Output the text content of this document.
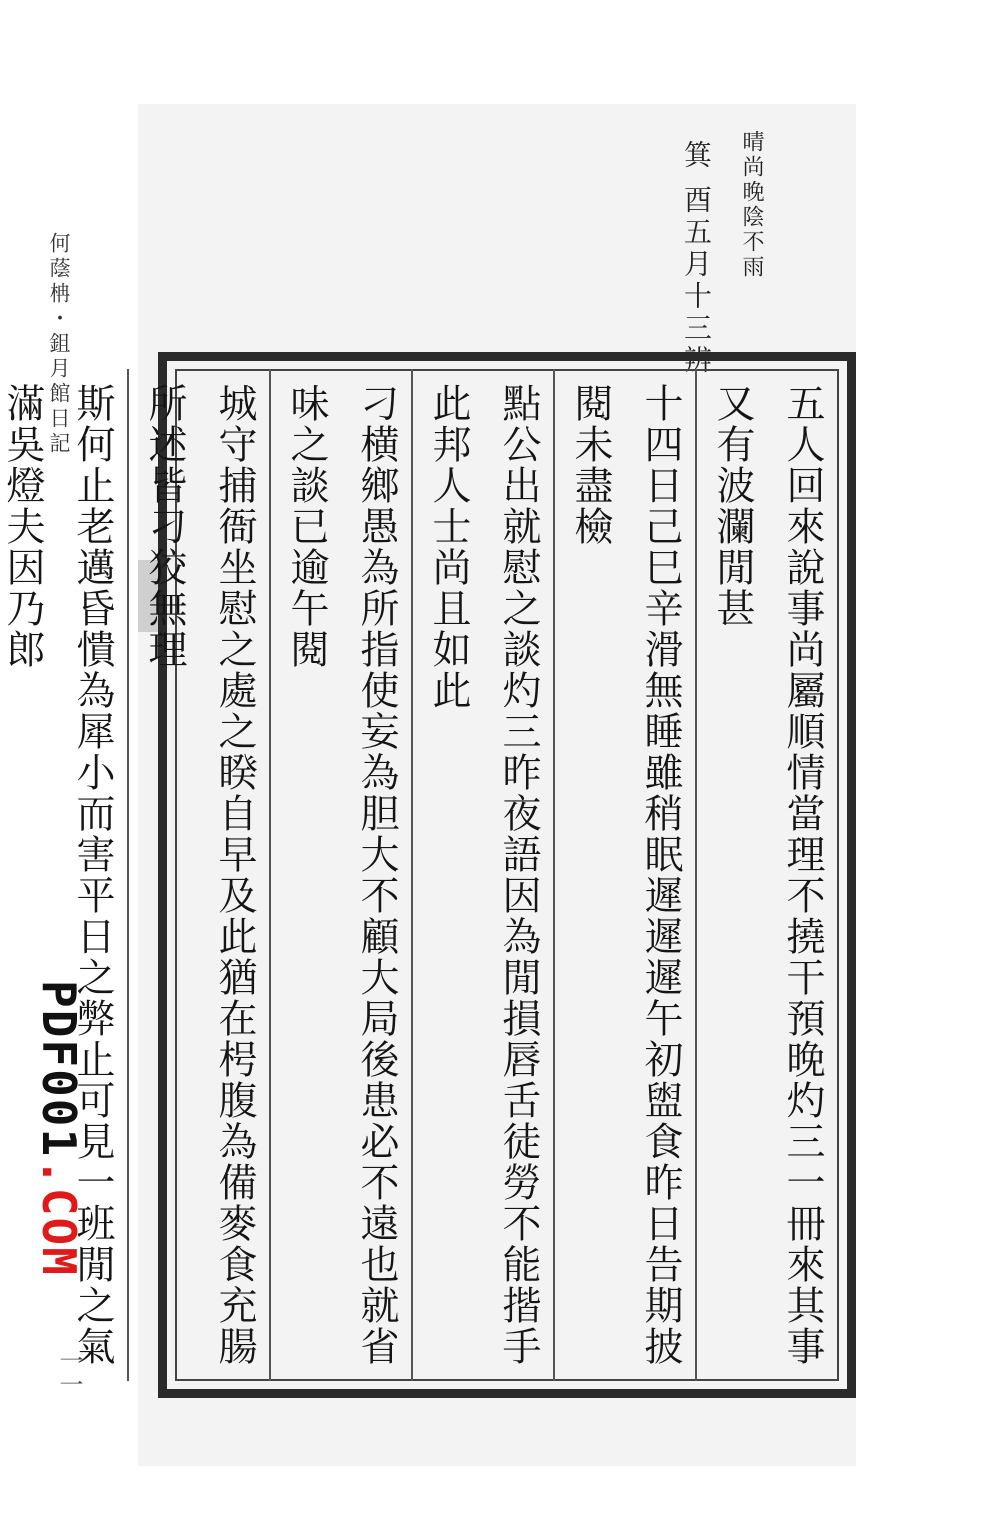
何蔭柟・鉏月館日記
PDF001.COM
一一
晴尚晚陰不雨
箕 酉五月十三辨
五人回來說事尚屬順情當理不撓干預晚灼三一冊來其事又有波瀾閒甚
十四日己巳辛滑無睡雖稍眠遲遲遲午初盥食昨日告期披閱未盡檢
點公出就慰之談灼三昨夜語因為閒損唇舌徒勞不能揩手此邦人士尚且如此
刁横鄉愚為所指使妄為胆大不顧大局後患必不遠也就省味之談已逾午閱
城守捕衙坐慰之處之睽自早及此猶在枵腹為備麥食充腸所述皆刁狡無理
斯何止老邁昏憒為犀小而害平日之弊止可見一班閒之氣滿吳燈夫因乃郎
